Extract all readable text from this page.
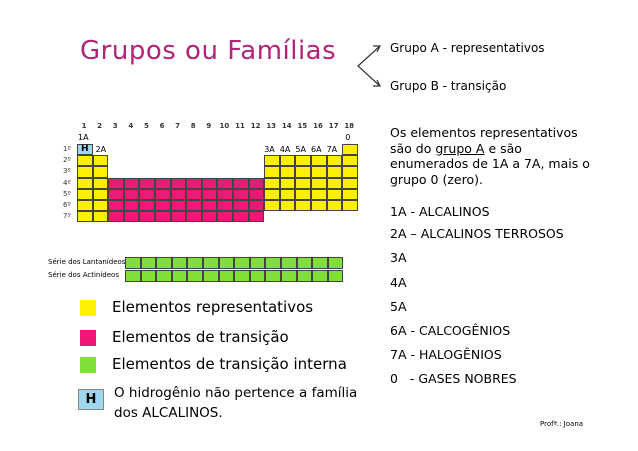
Grupos ou Famílias	Grupo A - representativos
Grupo B - transição
1	2	3	4	5	6	7	8	9	10 11 12 13 14 15 16 17 18
1º
2º
3º
4º
5º
6º
7º
1A	0
2A	3A 4A 5A 6A 7A
H
Série dos Lantanídeos
Série dos Actinídeos
Elementos representativos
Elementos de transição
Elementos de transição interna
H	O hidrogênio não pertence a família
dos ALCALINOS.
Os elementos representativos são do grupo A e são enumerados de 1A a 7A, mais o grupo 0 (zero).
1A - ALCALINOS
2A – ALCALINOS TERROSOS
3A
4A
5A
6A - CALCOGÊNIOS
7A - HALOGÊNIOS
0   - GASES NOBRES
Profª.: Joana
